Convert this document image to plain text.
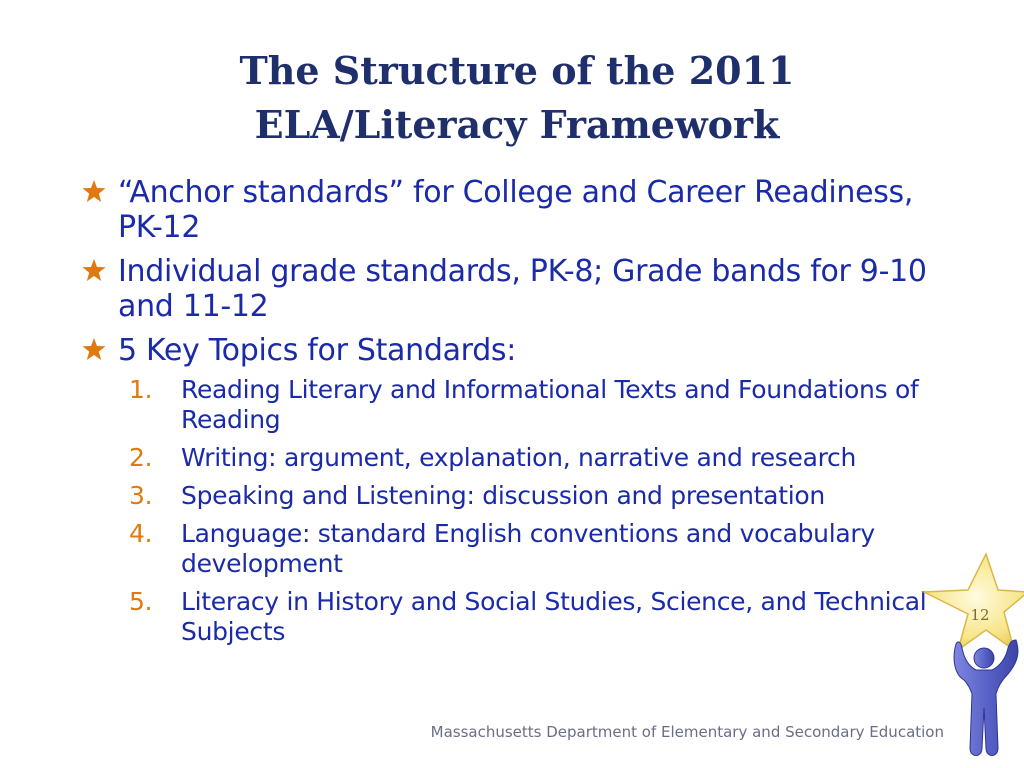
The Structure of the 2011
ELA/Literacy Framework
“Anchor standards” for College and Career Readiness, PK-12
Individual grade standards, PK-8; Grade bands for 9-10 and 11-12
5 Key Topics for Standards:
1. Reading Literary and Informational Texts and Foundations of Reading
2. Writing: argument, explanation, narrative and research
3. Speaking and Listening: discussion and presentation
4. Language: standard English conventions and vocabulary development
5. Literacy in History and Social Studies, Science, and Technical Subjects
12
Massachusetts Department of Elementary and Secondary Education
